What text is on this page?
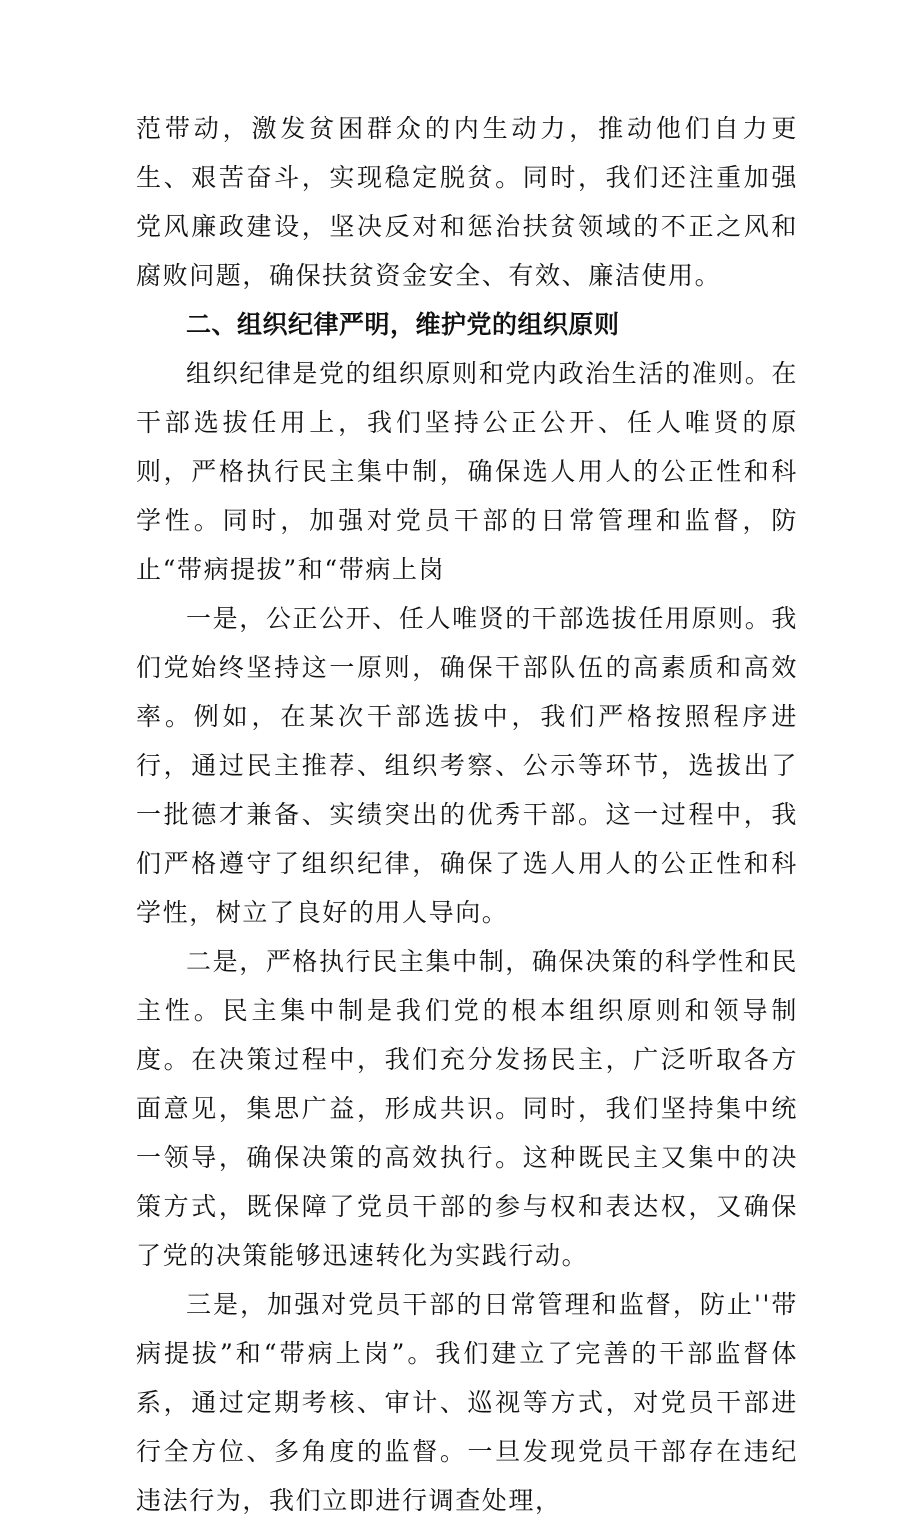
范带动，激发贫困群众的内生动力，推动他们自力更生、艰苦奋斗，实现稳定脱贫。同时，我们还注重加强党风廉政建设，坚决反对和惩治扶贫领域的不正之风和腐败问题，确保扶贫资金安全、有效、廉洁使用。

二、组织纪律严明，维护党的组织原则

组织纪律是党的组织原则和党内政治生活的准则。在干部选拔任用上，我们坚持公正公开、任人唯贤的原则，严格执行民主集中制，确保选人用人的公正性和科学性。同时，加强对党员干部的日常管理和监督，防止“带病提拔”和“带病上岗

一是，公正公开、任人唯贤的干部选拔任用原则。我们党始终坚持这一原则，确保干部队伍的高素质和高效率。例如，在某次干部选拔中，我们严格按照程序进行，通过民主推荐、组织考察、公示等环节，选拔出了一批德才兼备、实绩突出的优秀干部。这一过程中，我们严格遵守了组织纪律，确保了选人用人的公正性和科学性，树立了良好的用人导向。

二是，严格执行民主集中制，确保决策的科学性和民主性。民主集中制是我们党的根本组织原则和领导制度。在决策过程中，我们充分发扬民主，广泛听取各方面意见，集思广益，形成共识。同时，我们坚持集中统一领导，确保决策的高效执行。这种既民主又集中的决策方式，既保障了党员干部的参与权和表达权，又确保了党的决策能够迅速转化为实践行动。

三是，加强对党员干部的日常管理和监督，防止''带病提拔”和“带病上岗”。我们建立了完善的干部监督体系，通过定期考核、审计、巡视等方式，对党员干部进行全方位、多角度的监督。一旦发现党员干部存在违纪违法行为，我们立即进行调查处理，
